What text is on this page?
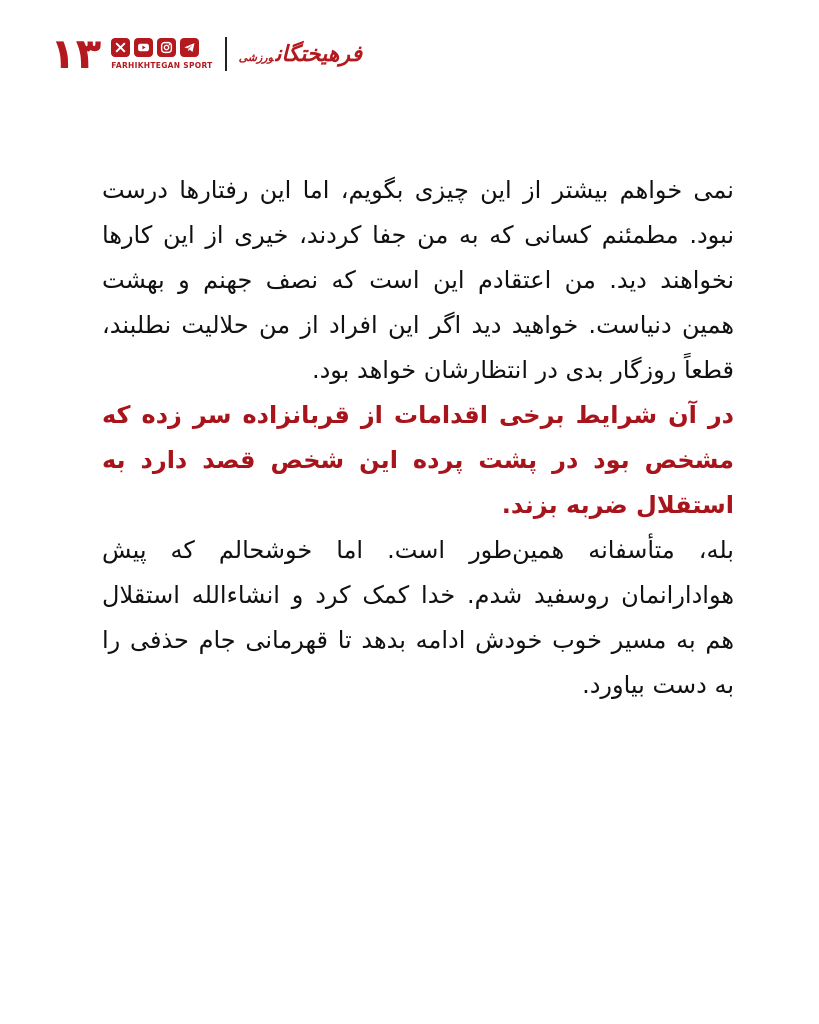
۱۳ FARHIKHTEGAN SPORT	فرهیختگانورزشی

نمی خواهم بیشتر از این چیزی بگویم، اما این رفتارها درست نبود. مطمئنم کسانی که به من جفا کردند، خیری از این کارها نخواهند دید. من اعتقادم این است که نصف جهنم و بهشت همین دنیاست. خواهید دید اگر این افراد از من حلالیت نطلبند، قطعاً روزگار بدی در انتظارشان خواهد بود.

در آن شرایط برخی اقدامات از قربانزاده سر زده که مشخص بود در پشت پرده این شخص قصد دارد به استقلال ضربه بزند.

بله، متأسفانه همین‌طور است. اما خوشحالم که پیش هوادارانمان روسفید شدم. خدا کمک کرد و انشاءالله استقلال هم به مسیر خوب خودش ادامه بدهد تا قهرمانی جام حذفی را به دست بیاورد.
